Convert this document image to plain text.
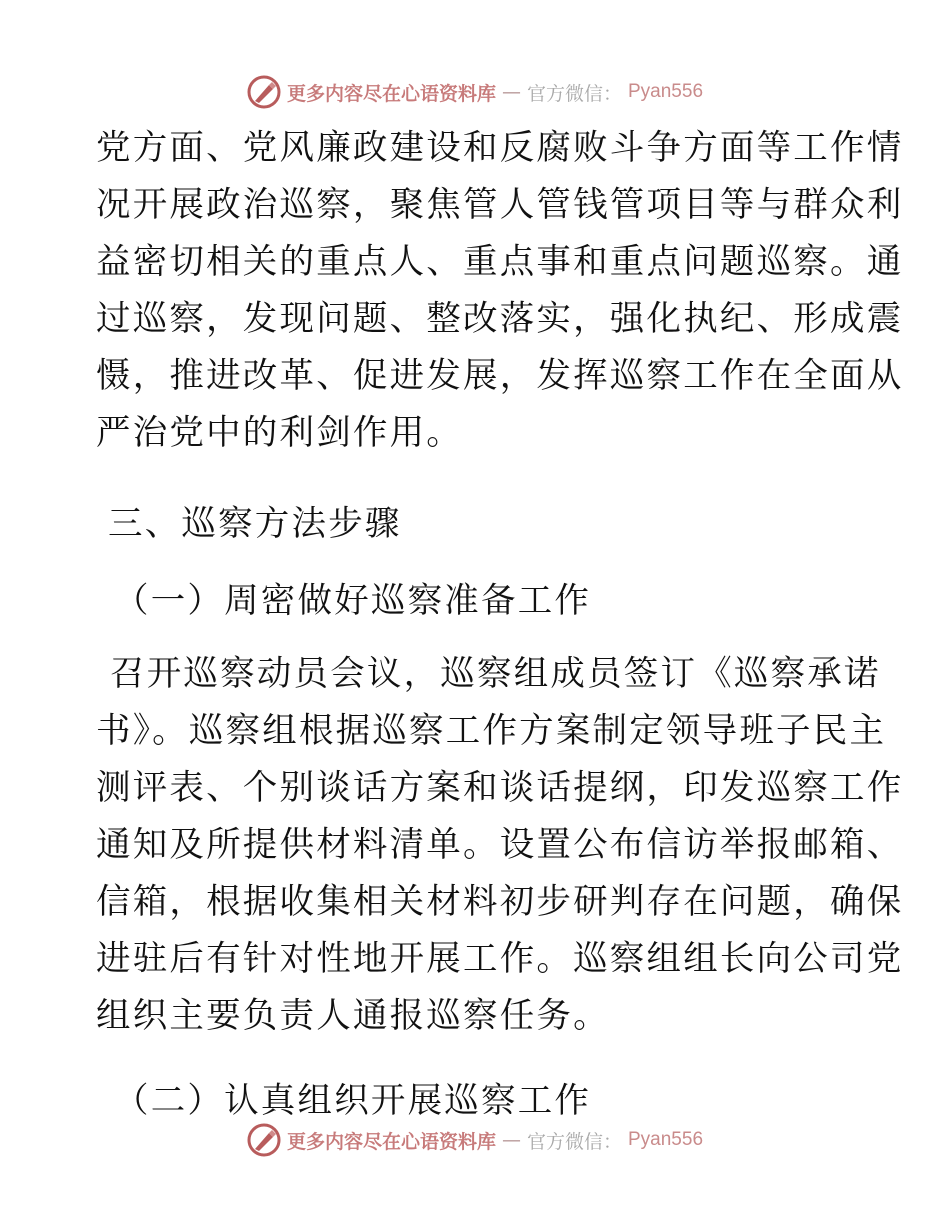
更多内容尽在心语资料库 — 官方微信： Pyan556
党方面、党风廉政建设和反腐败斗争方面等工作情
况开展政治巡察，聚焦管人管钱管项目等与群众利
益密切相关的重点人、重点事和重点问题巡察。通
过巡察，发现问题、整改落实，强化执纪、形成震
慑，推进改革、促进发展，发挥巡察工作在全面从
严治党中的利剑作用。
三、巡察方法步骤
（一）周密做好巡察准备工作
召开巡察动员会议，巡察组成员签订《巡察承诺
书》。巡察组根据巡察工作方案制定领导班子民主
测评表、个别谈话方案和谈话提纲，印发巡察工作
通知及所提供材料清单。设置公布信访举报邮箱、
信箱，根据收集相关材料初步研判存在问题，确保
进驻后有针对性地开展工作。巡察组组长向公司党
组织主要负责人通报巡察任务。
（二）认真组织开展巡察工作
更多内容尽在心语资料库 — 官方微信： Pyan556
